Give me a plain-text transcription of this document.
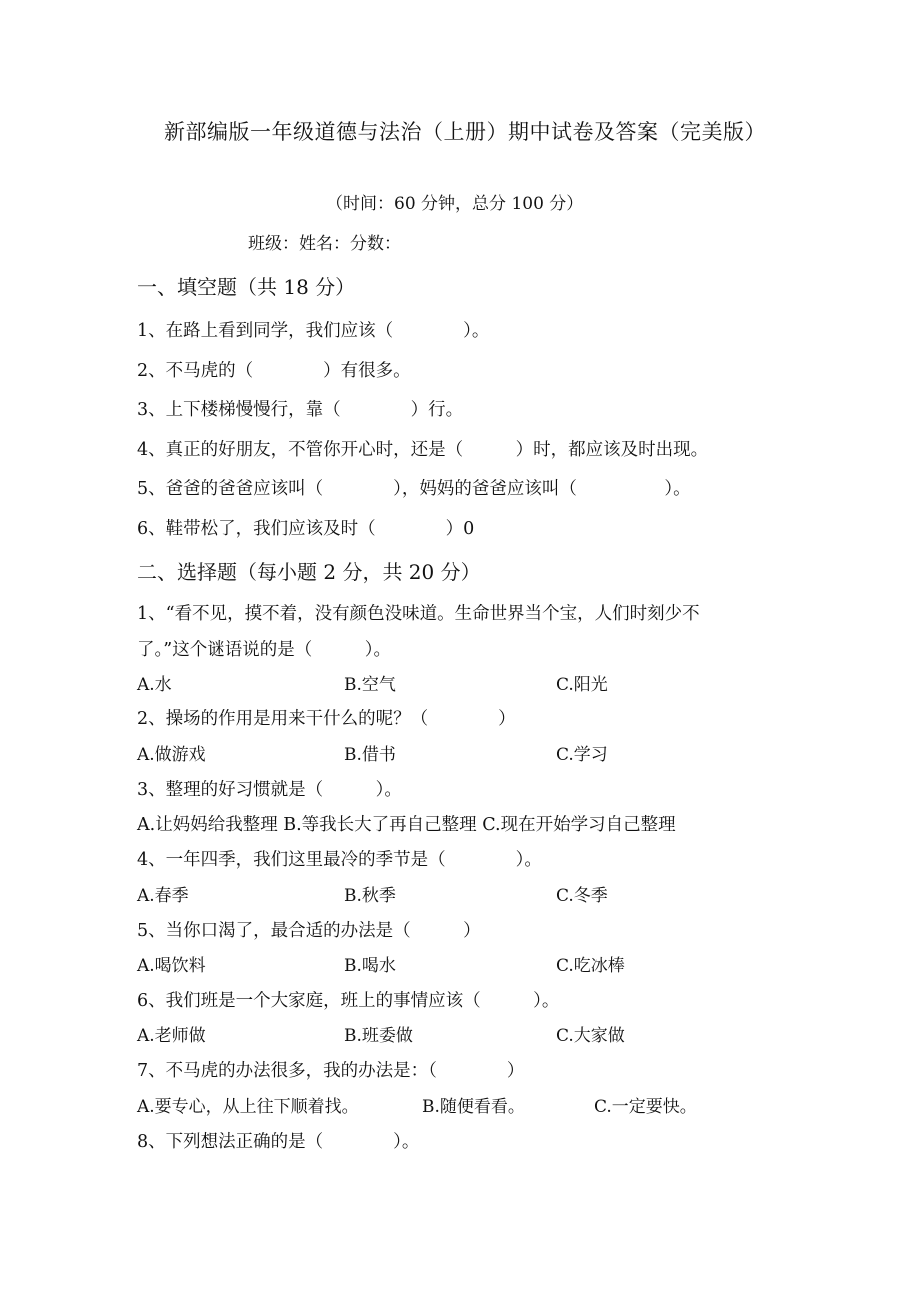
新部编版一年级道德与法治（上册）期中试卷及答案（完美版）
（时间：60 分钟，总分 100 分）
班级：姓名：分数：
一、填空题（共 18 分）
1、在路上看到同学，我们应该（　　　　）。
2、不马虎的（　　　　）有很多。
3、上下楼梯慢慢行，靠（　　　　）行。
4、真正的好朋友，不管你开心时，还是（　　　）时，都应该及时出现。
5、爸爸的爸爸应该叫（　　　　），妈妈的爸爸应该叫（　　　　　）。
6、鞋带松了，我们应该及时（　　　　）0
二、选择题（每小题 2 分，共 20 分）
1、“看不见，摸不着，没有颜色没味道。生命世界当个宝，人们时刻少不了。”这个谜语说的是（　　　）。
A.水	B.空气	C.阳光
2、操场的作用是用来干什么的呢？（　　　　）
A.做游戏	B.借书	C.学习
3、整理的好习惯就是（　　　）。
A.让妈妈给我整理 B.等我长大了再自己整理 C.现在开始学习自己整理
4、一年四季，我们这里最冷的季节是（　　　　）。
A.春季	B.秋季	C.冬季
5、当你口渴了，最合适的办法是（　　　）
A.喝饮料	B.喝水	C.吃冰棒
6、我们班是一个大家庭，班上的事情应该（　　　）。
A.老师做	B.班委做	C.大家做
7、不马虎的办法很多，我的办法是：（　　　　）
A.要专心，从上往下顺着找。	B.随便看看。	C.一定要快。
8、下列想法正确的是（　　　　）。
